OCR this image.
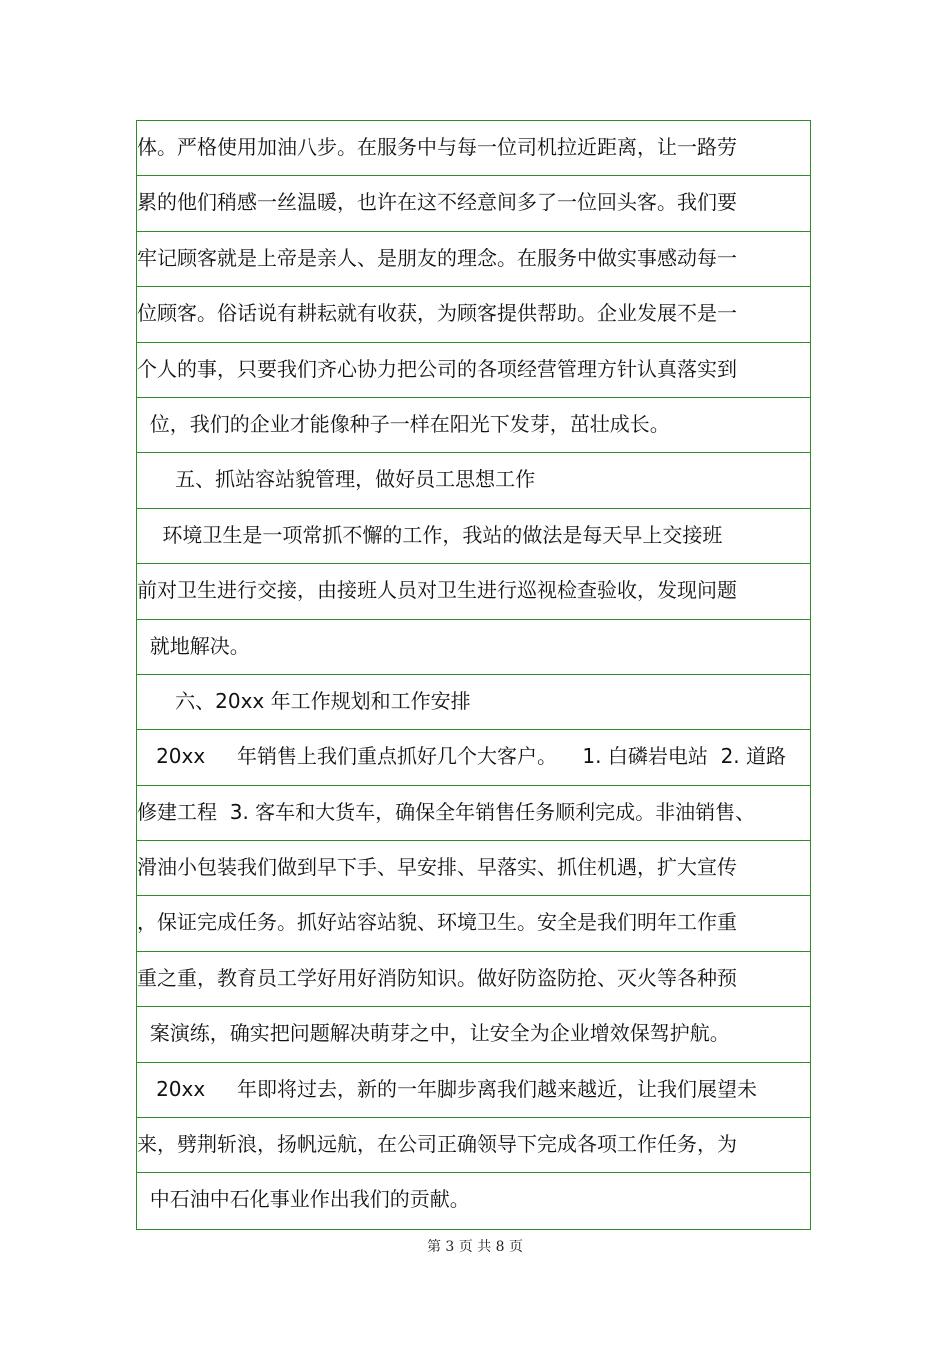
体。严格使用加油八步。在服务中与每一位司机拉近距离，让一路劳
累的他们稍感一丝温暖，也许在这不经意间多了一位回头客。我们要
牢记顾客就是上帝是亲人、是朋友的理念。在服务中做实事感动每一
位顾客。俗话说有耕耘就有收获，为顾客提供帮助。企业发展不是一
个人的事，只要我们齐心协力把公司的各项经营管理方针认真落实到
位，我们的企业才能像种子一样在阳光下发芽，茁壮成长。
五、抓站容站貌管理，做好员工思想工作
环境卫生是一项常抓不懈的工作，我站的做法是每天早上交接班
前对卫生进行交接，由接班人员对卫生进行巡视检查验收，发现问题
就地解决。
六、20xx 年工作规划和工作安排
20xx     年销售上我们重点抓好几个大客户。    1. 白磷岩电站  2. 道路
修建工程  3. 客车和大货车，确保全年销售任务顺利完成。非油销售、
滑油小包装我们做到早下手、早安排、早落实、抓住机遇，扩大宣传
，保证完成任务。抓好站容站貌、环境卫生。安全是我们明年工作重
重之重，教育员工学好用好消防知识。做好防盗防抢、灭火等各种预
案演练，确实把问题解决萌芽之中，让安全为企业增效保驾护航。
20xx     年即将过去，新的一年脚步离我们越来越近，让我们展望未
来，劈荆斩浪，扬帆远航，在公司正确领导下完成各项工作任务，为
中石油中石化事业作出我们的贡献。
第 3 页 共 8 页
